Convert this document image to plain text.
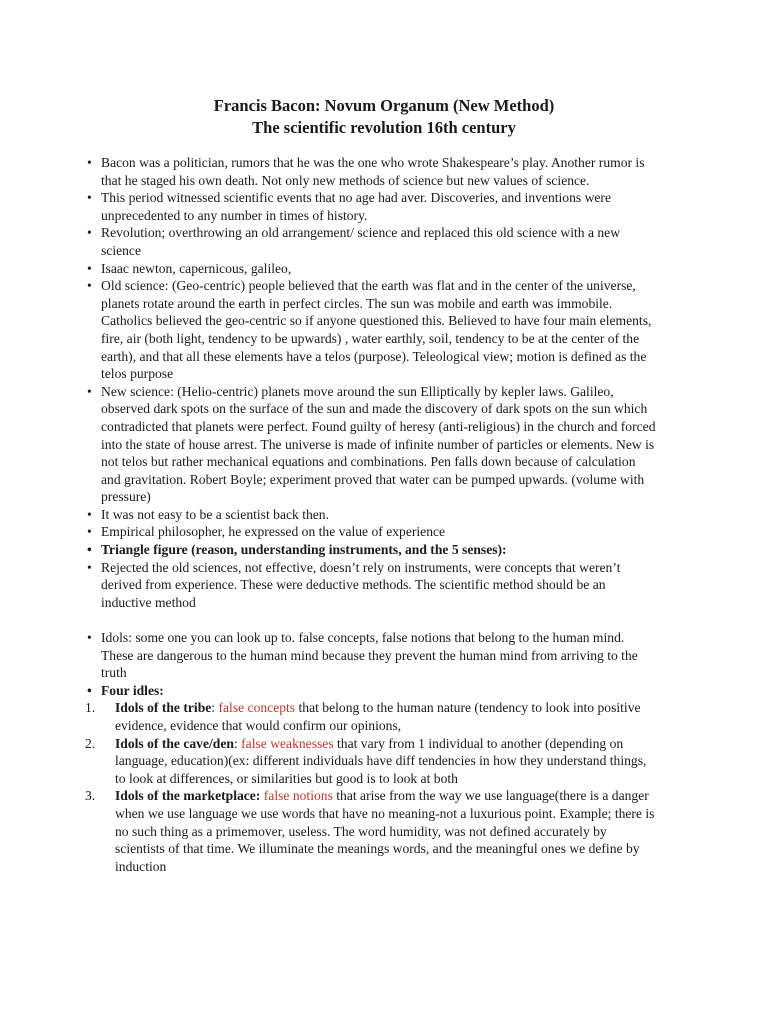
Francis Bacon: Novum Organum (New Method)
The scientific revolution 16th century
• Bacon was a politician, rumors that he was the one who wrote Shakespeare’s play. Another rumor is that he staged his own death. Not only new methods of science but new values of science.
• This period witnessed scientific events that no age had aver. Discoveries, and inventions were unprecedented to any number in times of history.
• Revolution; overthrowing an old arrangement/ science and replaced this old science with a new science
• Isaac newton, capernicous, galileo,
• Old science: (Geo-centric) people believed that the earth was flat and in the center of the universe, planets rotate around the earth in perfect circles. The sun was mobile and earth was immobile. Catholics believed the geo-centric so if anyone questioned this. Believed to have four main elements, fire, air (both light, tendency to be upwards) , water earthly, soil, tendency to be at the center of the earth), and that all these elements have a telos (purpose). Teleological view; motion is defined as the telos purpose
• New science: (Helio-centric) planets move around the sun Elliptically by kepler laws. Galileo, observed dark spots on the surface of the sun and made the discovery of dark spots on the sun which contradicted that planets were perfect. Found guilty of heresy (anti-religious) in the church and forced into the state of house arrest. The universe is made of infinite number of particles or elements. New is not telos but rather mechanical equations and combinations. Pen falls down because of calculation and gravitation. Robert Boyle; experiment proved that water can be pumped upwards. (volume with pressure)
• It was not easy to be a scientist back then.
• Empirical philosopher, he expressed on the value of experience
• Triangle figure (reason, understanding instruments, and the 5 senses):
• Rejected the old sciences, not effective, doesn’t rely on instruments, were concepts that weren’t derived from experience. These were deductive methods. The scientific method should be an inductive method
• Idols: some one you can look up to. false concepts, false notions that belong to the human mind. These are dangerous to the human mind because they prevent the human mind from arriving to the truth
• Four idles:
1. Idols of the tribe: false concepts that belong to the human nature (tendency to look into positive evidence, evidence that would confirm our opinions,
2. Idols of the cave/den: false weaknesses that vary from 1 individual to another (depending on language, education)(ex: different individuals have diff tendencies in how they understand things, to look at differences, or similarities but good is to look at both
3. Idols of the marketplace: false notions that arise from the way we use language(there is a danger when we use language we use words that have no meaning-not a luxurious point. Example; there is no such thing as a primemover, useless. The word humidity, was not defined accurately by scientists of that time. We illuminate the meanings words, and the meaningful ones we define by induction
